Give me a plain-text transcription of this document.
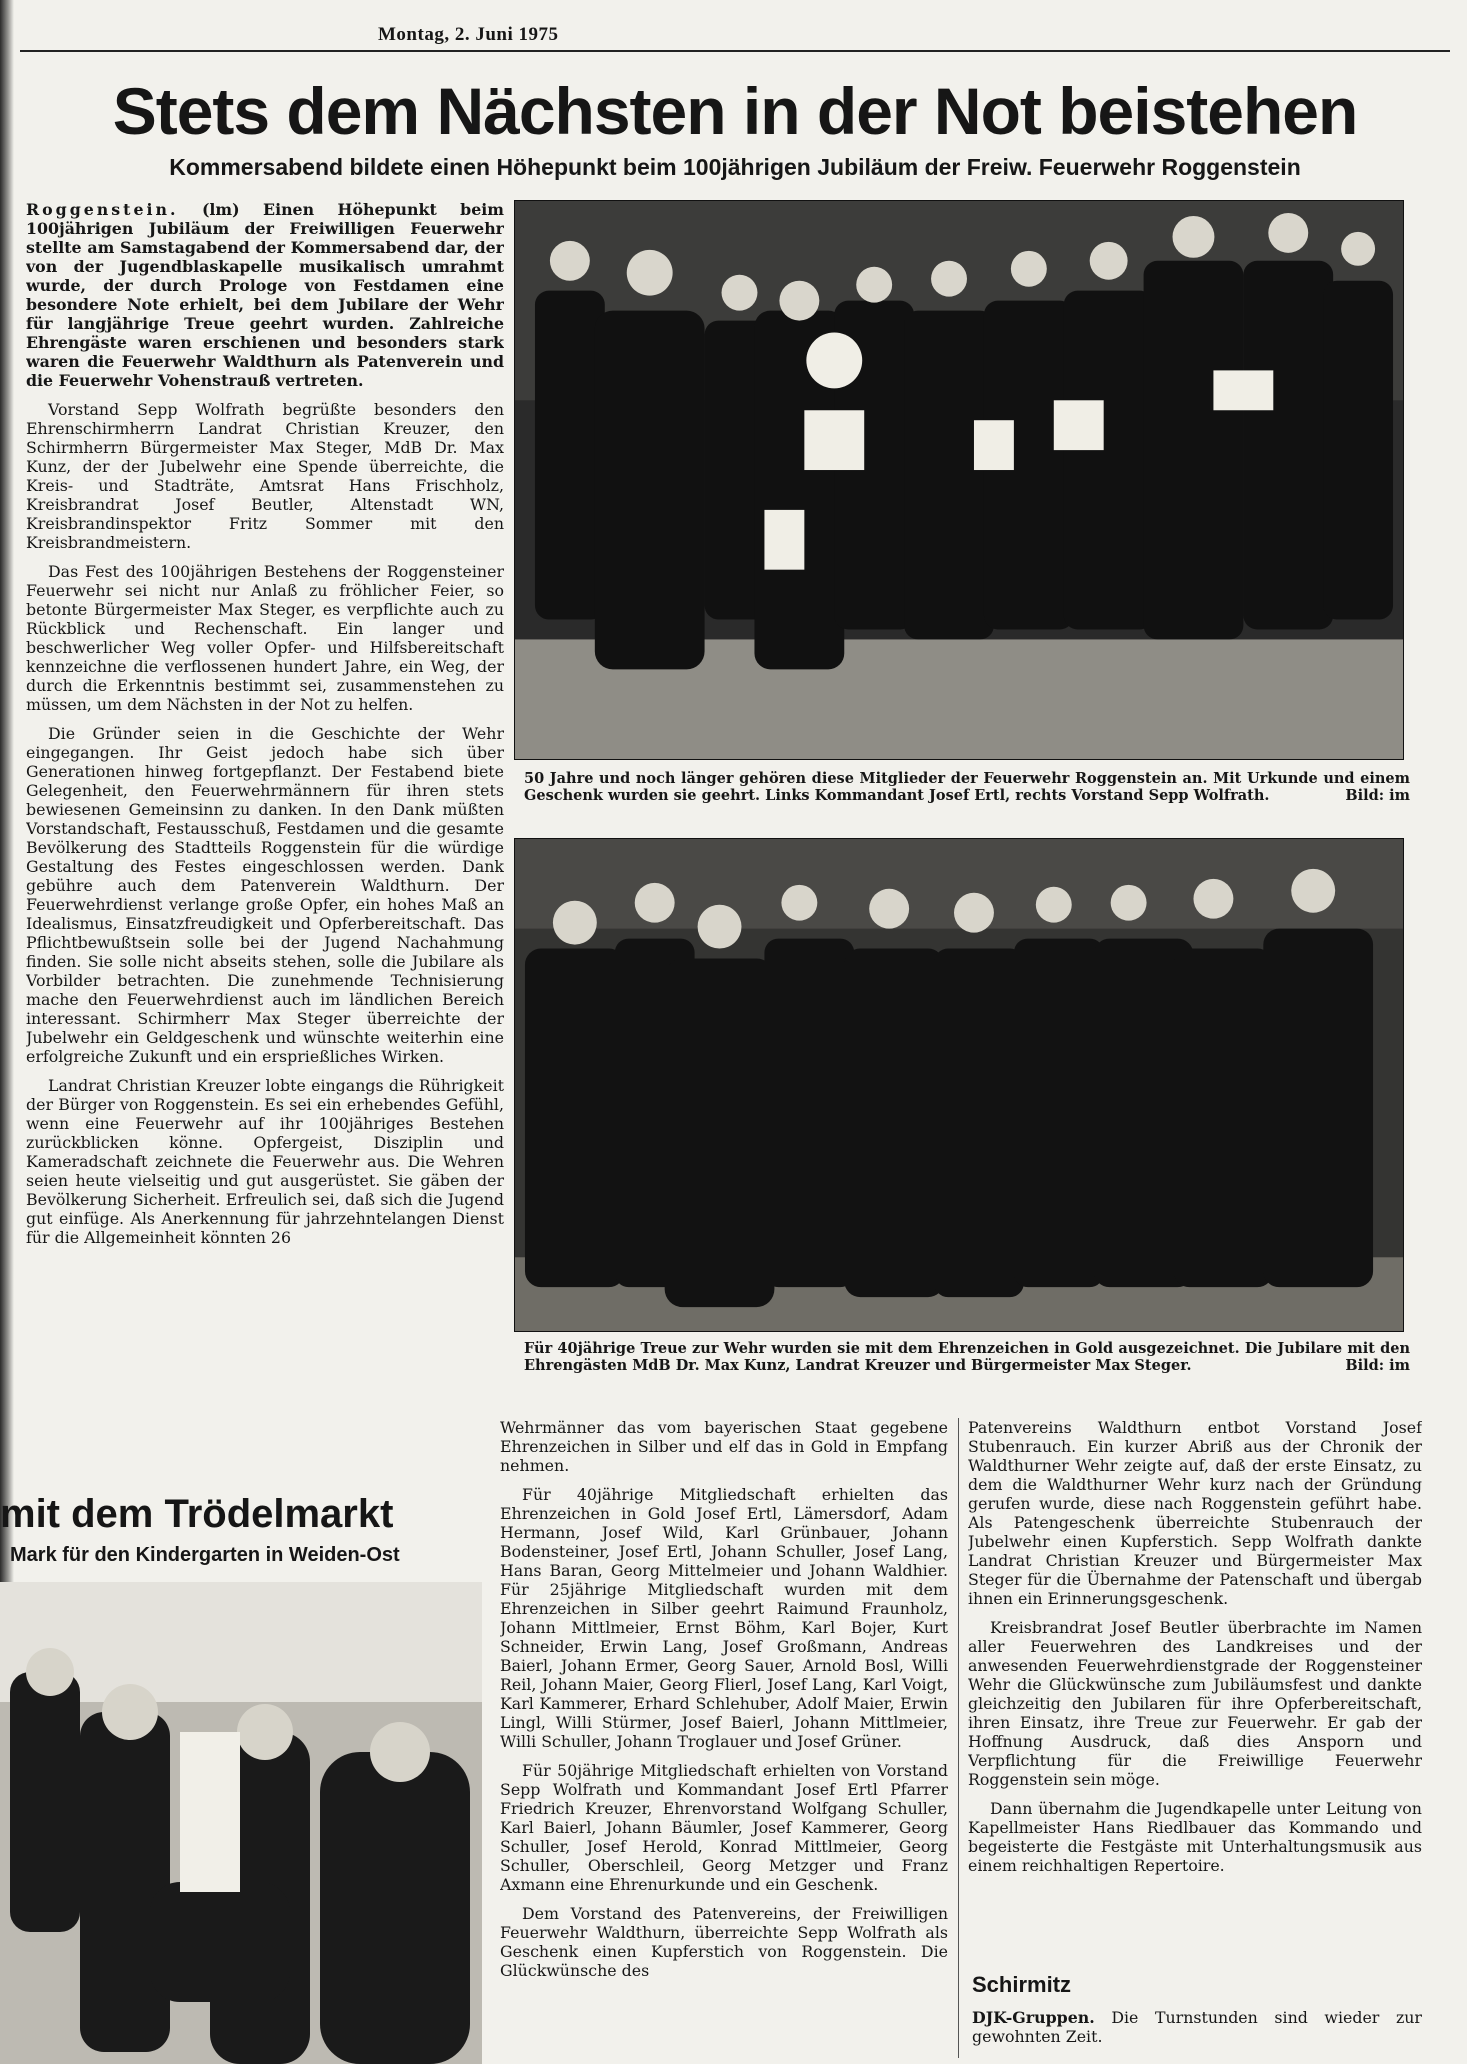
Montag, 2. Juni 1975
Stets dem Nächsten in der Not beistehen
Kommersabend bildete einen Höhepunkt beim 100jährigen Jubiläum der Freiw. Feuerwehr Roggenstein

Roggenstein. (lm) Einen Höhepunkt beim 100jährigen Jubiläum der Freiwilligen Feuerwehr stellte am Samstagabend der Kommersabend dar, der von der Jugendblaskapelle musikalisch umrahmt wurde, der durch Prologe von Festdamen eine besondere Note erhielt, bei dem Jubilare der Wehr für langjährige Treue geehrt wurden. Zahlreiche Ehrengäste waren erschienen und besonders stark waren die Feuerwehr Waldthurn als Patenverein und die Feuerwehr Vohenstrauß vertreten.

Vorstand Sepp Wolfrath begrüßte besonders den Ehrenschirmherrn Landrat Christian Kreuzer, den Schirmherrn Bürgermeister Max Steger, MdB Dr. Max Kunz, der der Jubelwehr eine Spende überreichte, die Kreis- und Stadträte, Amtsrat Hans Frischholz, Kreisbrandrat Josef Beutler, Altenstadt WN, Kreisbrandinspektor Fritz Sommer mit den Kreisbrandmeistern.

Das Fest des 100jährigen Bestehens der Roggensteiner Feuerwehr sei nicht nur Anlaß zu fröhlicher Feier, so betonte Bürgermeister Max Steger, es verpflichte auch zu Rückblick und Rechenschaft. Ein langer und beschwerlicher Weg voller Opfer- und Hilfsbereitschaft kennzeichne die verflossenen hundert Jahre, ein Weg, der durch die Erkenntnis bestimmt sei, zusammenstehen zu müssen, um dem Nächsten in der Not zu helfen.

Die Gründer seien in die Geschichte der Wehr eingegangen. Ihr Geist jedoch habe sich über Generationen hinweg fortgepflanzt. Der Festabend biete Gelegenheit, den Feuerwehrmännern für ihren stets bewiesenen Gemeinsinn zu danken. In den Dank müßten Vorstandschaft, Festausschuß, Festdamen und die gesamte Bevölkerung des Stadtteils Roggenstein für die würdige Gestaltung des Festes eingeschlossen werden. Dank gebühre auch dem Patenverein Waldthurn. Der Feuerwehrdienst verlange große Opfer, ein hohes Maß an Idealismus, Einsatzfreudigkeit und Opferbereitschaft. Das Pflichtbewußtsein solle bei der Jugend Nachahmung finden. Sie solle nicht abseits stehen, solle die Jubilare als Vorbilder betrachten. Die zunehmende Technisierung mache den Feuerwehrdienst auch im ländlichen Bereich interessant. Schirmherr Max Steger überreichte der Jubelwehr ein Geldgeschenk und wünschte weiterhin eine erfolgreiche Zukunft und ein ersprießliches Wirken.

Landrat Christian Kreuzer lobte eingangs die Rührigkeit der Bürger von Roggenstein. Es sei ein erhebendes Gefühl, wenn eine Feuerwehr auf ihr 100jähriges Bestehen zurückblicken könne. Opfergeist, Disziplin und Kameradschaft zeichnete die Feuerwehr aus. Die Wehren seien heute vielseitig und gut ausgerüstet. Sie gäben der Bevölkerung Sicherheit. Erfreulich sei, daß sich die Jugend gut einfüge. Als Anerkennung für jahrzehntelangen Dienst für die Allgemeinheit könnten 26

50 Jahre und noch länger gehören diese Mitglieder der Feuerwehr Roggenstein an. Mit Urkunde und einem Geschenk wurden sie geehrt. Links Kommandant Josef Ertl, rechts Vorstand Sepp Wolfrath.	Bild: im
Für 40jährige Treue zur Wehr wurden sie mit dem Ehrenzeichen in Gold ausgezeichnet. Die Jubilare mit den Ehrengästen MdB Dr. Max Kunz, Landrat Kreuzer und Bürgermeister Max Steger.	Bild: im

Wehrmänner das vom bayerischen Staat gegebene Ehrenzeichen in Silber und elf das in Gold in Empfang nehmen.

Für 40jährige Mitgliedschaft erhielten das Ehrenzeichen in Gold Josef Ertl, Lämersdorf, Adam Hermann, Josef Wild, Karl Grünbauer, Johann Bodensteiner, Josef Ertl, Johann Schuller, Josef Lang, Hans Baran, Georg Mittelmeier und Johann Waldhier. Für 25jährige Mitgliedschaft wurden mit dem Ehrenzeichen in Silber geehrt Raimund Fraunholz, Johann Mittlmeier, Ernst Böhm, Karl Bojer, Kurt Schneider, Erwin Lang, Josef Großmann, Andreas Baierl, Johann Ermer, Georg Sauer, Arnold Bosl, Willi Reil, Johann Maier, Georg Flierl, Josef Lang, Karl Voigt, Karl Kammerer, Erhard Schlehuber, Adolf Maier, Erwin Lingl, Willi Stürmer, Josef Baierl, Johann Mittlmeier, Willi Schuller, Johann Troglauer und Josef Grüner.

Für 50jährige Mitgliedschaft erhielten von Vorstand Sepp Wolfrath und Kommandant Josef Ertl Pfarrer Friedrich Kreuzer, Ehrenvorstand Wolfgang Schuller, Karl Baierl, Johann Bäumler, Josef Kammerer, Georg Schuller, Josef Herold, Konrad Mittlmeier, Georg Schuller, Oberschleil, Georg Metzger und Franz Axmann eine Ehrenurkunde und ein Geschenk.

Dem Vorstand des Patenvereins, der Freiwilligen Feuerwehr Waldthurn, überreichte Sepp Wolfrath als Geschenk einen Kupferstich von Roggenstein. Die Glückwünsche des

Patenvereins Waldthurn entbot Vorstand Josef Stubenrauch. Ein kurzer Abriß aus der Chronik der Waldthurner Wehr zeigte auf, daß der erste Einsatz, zu dem die Waldthurner Wehr kurz nach der Gründung gerufen wurde, diese nach Roggenstein geführt habe. Als Patengeschenk überreichte Stubenrauch der Jubelwehr einen Kupferstich. Sepp Wolfrath dankte Landrat Christian Kreuzer und Bürgermeister Max Steger für die Übernahme der Patenschaft und übergab ihnen ein Erinnerungsgeschenk.

Kreisbrandrat Josef Beutler überbrachte im Namen aller Feuerwehren des Landkreises und der anwesenden Feuerwehrdienstgrade der Roggensteiner Wehr die Glückwünsche zum Jubiläumsfest und dankte gleichzeitig den Jubilaren für ihre Opferbereitschaft, ihren Einsatz, ihre Treue zur Feuerwehr. Er gab der Hoffnung Ausdruck, daß dies Ansporn und Verpflichtung für die Freiwillige Feuerwehr Roggenstein sein möge.

Dann übernahm die Jugendkapelle unter Leitung von Kapellmeister Hans Riedlbauer das Kommando und begeisterte die Festgäste mit Unterhaltungsmusik aus einem reichhaltigen Repertoire.

Schirmitz
DJK-Gruppen. Die Turnstunden sind wieder zur gewohnten Zeit.
mit dem Trödelmarkt
Mark für den Kindergarten in Weiden-Ost
